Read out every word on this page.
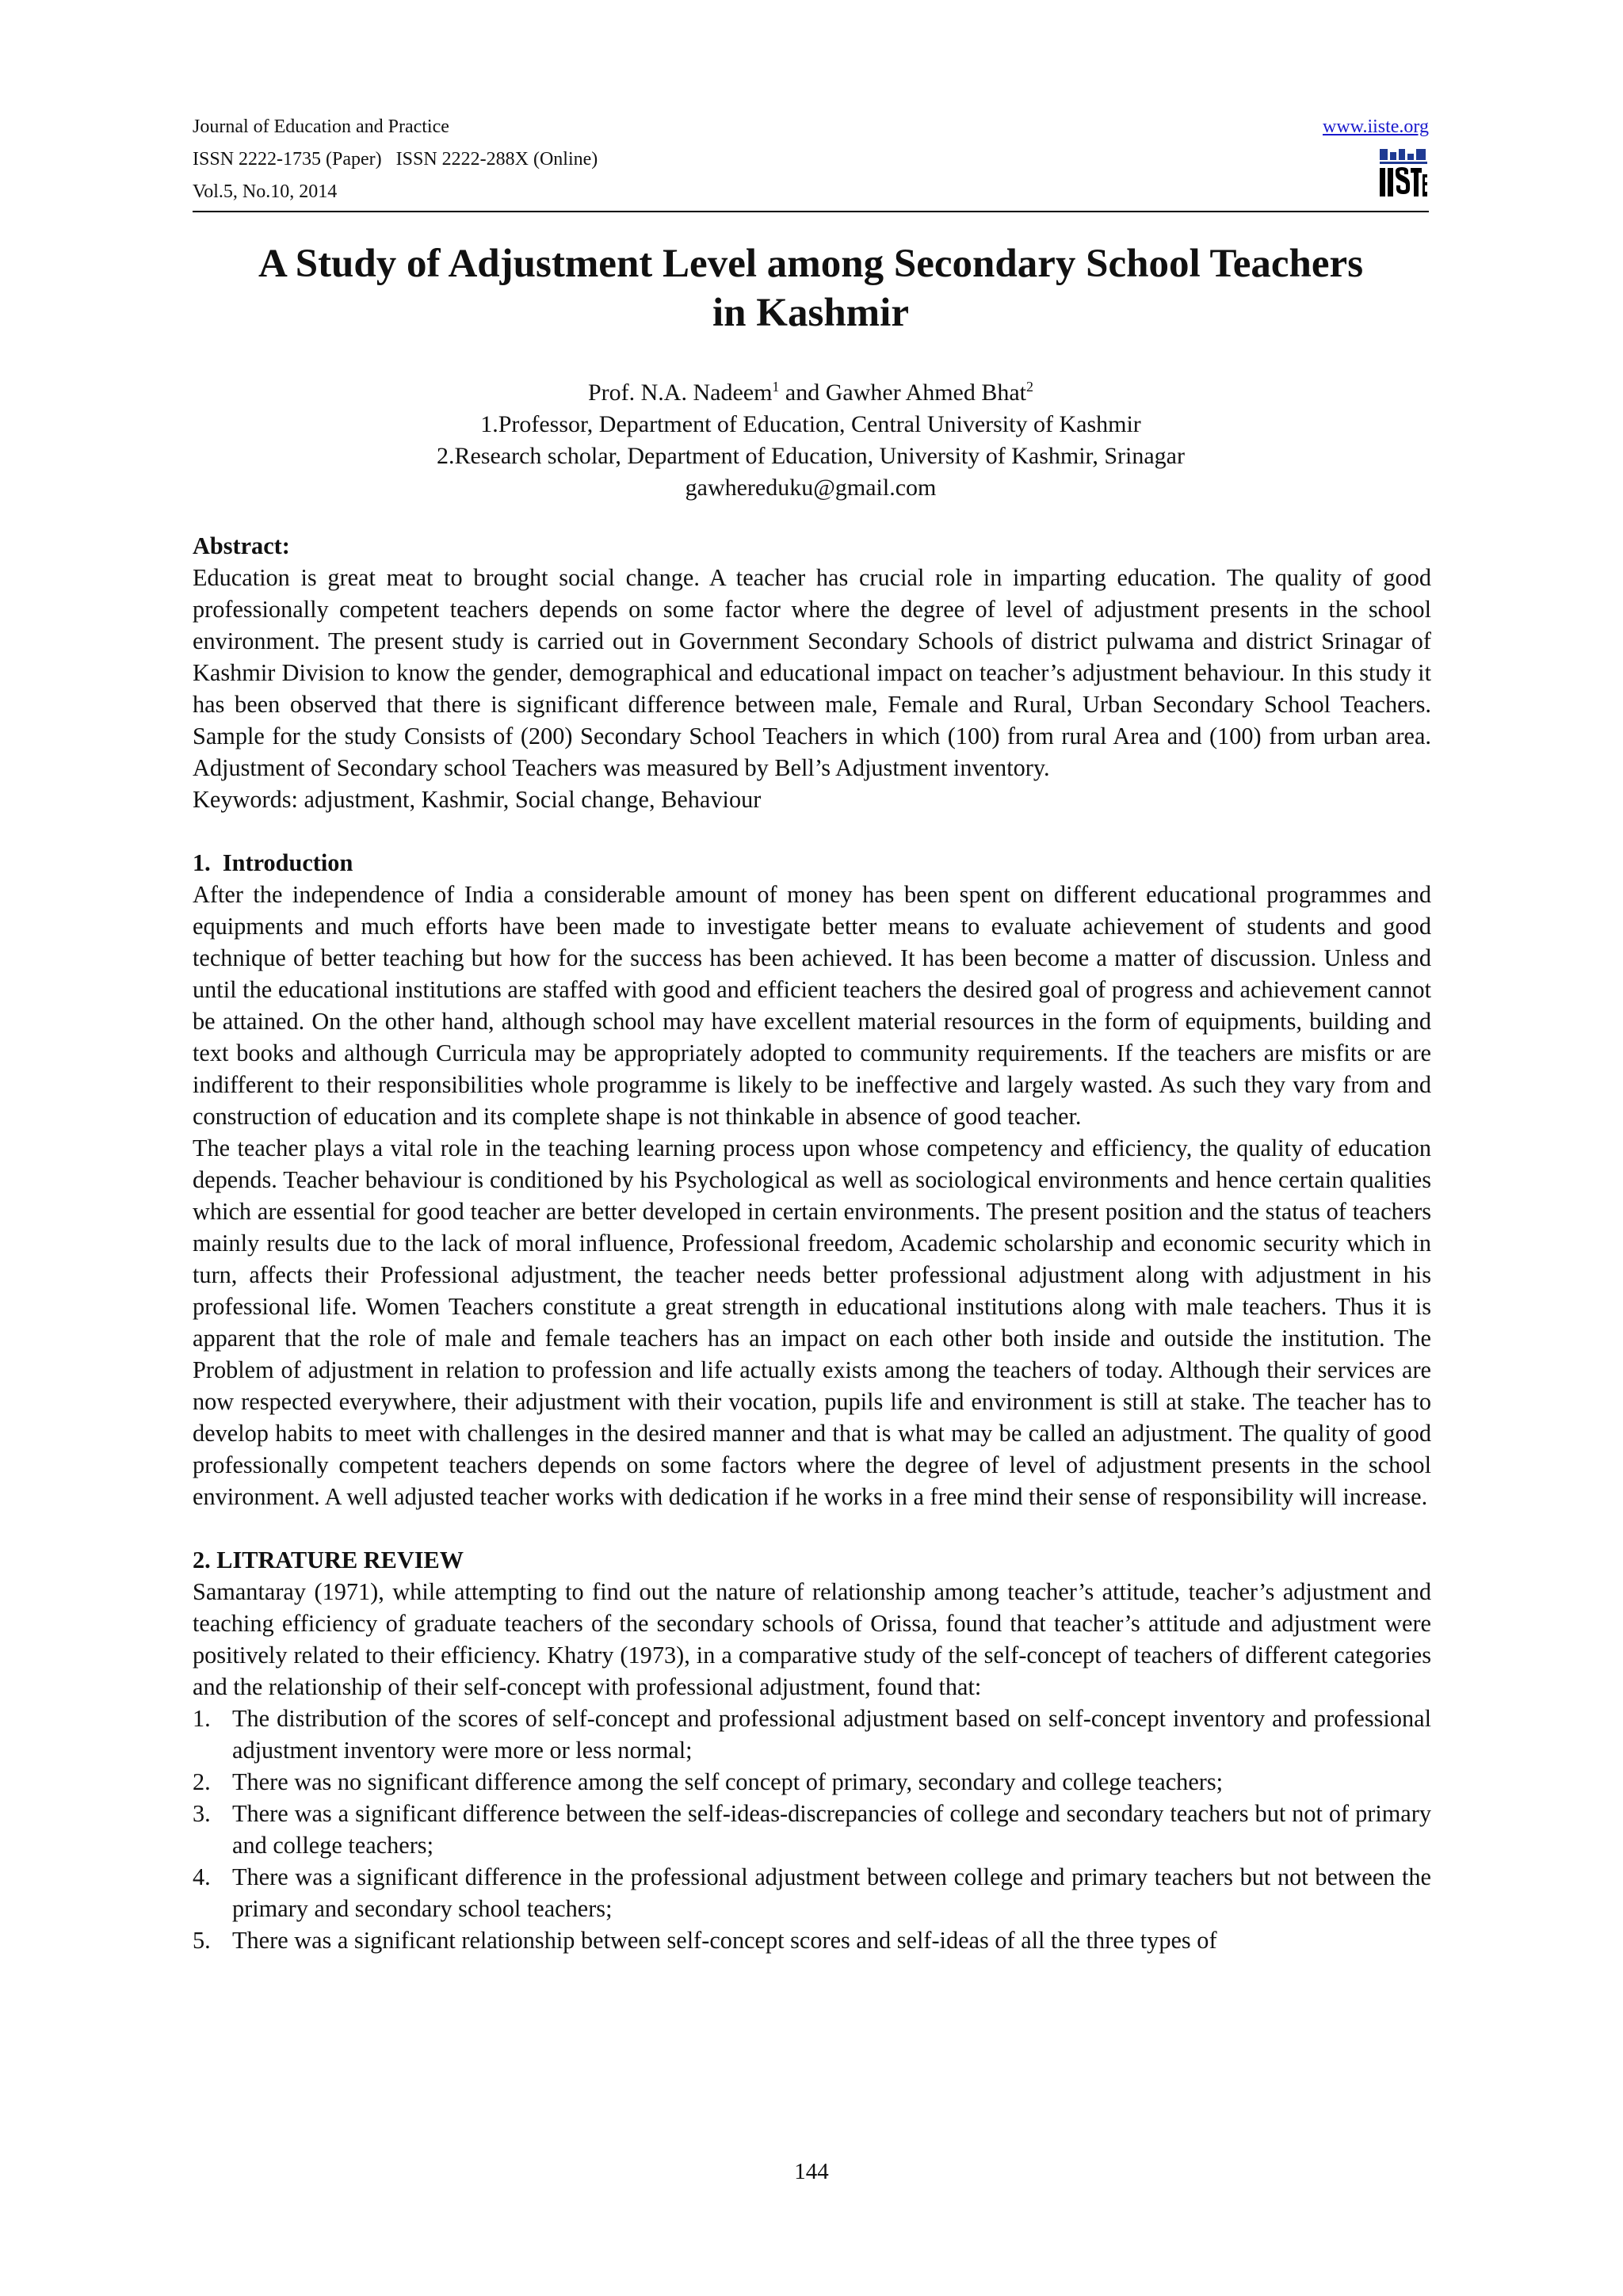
Journal of Education and Practice
ISSN 2222-1735 (Paper)   ISSN 2222-288X (Online)
Vol.5, No.10, 2014
www.iiste.org
A Study of Adjustment Level among Secondary School Teachers
in Kashmir
Prof. N.A. Nadeem$^1$ and Gawher Ahmed Bhat$^2$
1.Professor, Department of Education, Central University of Kashmir
2.Research scholar, Department of Education, University of Kashmir, Srinagar
gawhereduku@gmail.com
Abstract:

Education is great meat to brought social change. A teacher has crucial role in imparting education. The quality of good professionally competent teachers depends on some factor where the degree of level of adjustment presents in the school environment. The present study is carried out in Government Secondary Schools of district pulwama and district Srinagar of Kashmir Division to know the gender, demographical and educational impact on teacher’s adjustment behaviour. In this study it has been observed that there is significant difference between male, Female and Rural, Urban Secondary School Teachers. Sample for the study Consists of (200) Secondary School Teachers in which (100) from rural Area and (100) from urban area. Adjustment of Secondary school Teachers was measured by Bell’s Adjustment inventory.

Keywords: adjustment, Kashmir, Social change, Behaviour

1.  Introduction

After the independence of India a considerable amount of money has been spent on different educational programmes and equipments and much efforts have been made to investigate better means to evaluate achievement of students and good technique of better teaching but how for the success has been achieved. It has been become a matter of discussion. Unless and until the educational institutions are staffed with good and efficient teachers the desired goal of progress and achievement cannot be attained. On the other hand, although school may have excellent material resources in the form of equipments, building and text books and although Curricula may be appropriately adopted to community requirements. If the teachers are misfits or are indifferent to their responsibilities whole programme is likely to be ineffective and largely wasted. As such they vary from and construction of education and its complete shape is not thinkable in absence of good teacher.

The teacher plays a vital role in the teaching learning process upon whose competency and efficiency, the quality of education depends. Teacher behaviour is conditioned by his Psychological as well as sociological environments and hence certain qualities which are essential for good teacher are better developed in certain environments. The present position and the status of teachers mainly results due to the lack of moral influence, Professional freedom, Academic scholarship and economic security which in turn, affects their Professional adjustment, the teacher needs better professional adjustment along with adjustment in his professional life. Women Teachers constitute a great strength in educational institutions along with male teachers. Thus it is apparent that the role of male and female teachers has an impact on each other both inside and outside the institution. The Problem of adjustment in relation to profession and life actually exists among the teachers of today. Although their services are now respected everywhere, their adjustment with their vocation, pupils life and environment is still at stake. The teacher has to develop habits to meet with challenges in the desired manner and that is what may be called an adjustment. The quality of good professionally competent teachers depends on some factors where the degree of level of adjustment presents in the school environment. A well adjusted teacher works with dedication if he works in a free mind their sense of responsibility will increase.

2. LITRATURE REVIEW

Samantaray (1971), while attempting to find out the nature of relationship among teacher’s attitude, teacher’s adjustment and teaching efficiency of graduate teachers of the secondary schools of Orissa, found that teacher’s attitude and adjustment were positively related to their efficiency. Khatry (1973), in a comparative study of the self-concept of teachers of different categories and the relationship of their self-concept with professional adjustment, found that:

1. The distribution of the scores of self-concept and professional adjustment based on self-concept inventory and professional adjustment inventory were more or less normal;
2. There was no significant difference among the self concept of primary, secondary and college teachers;
3. There was a significant difference between the self-ideas-discrepancies of college and secondary teachers but not of primary and college teachers;
4. There was a significant difference in the professional adjustment between college and primary teachers but not between the primary and secondary school teachers;
5. There was a significant relationship between self-concept scores and self-ideas of all the three types of
144
